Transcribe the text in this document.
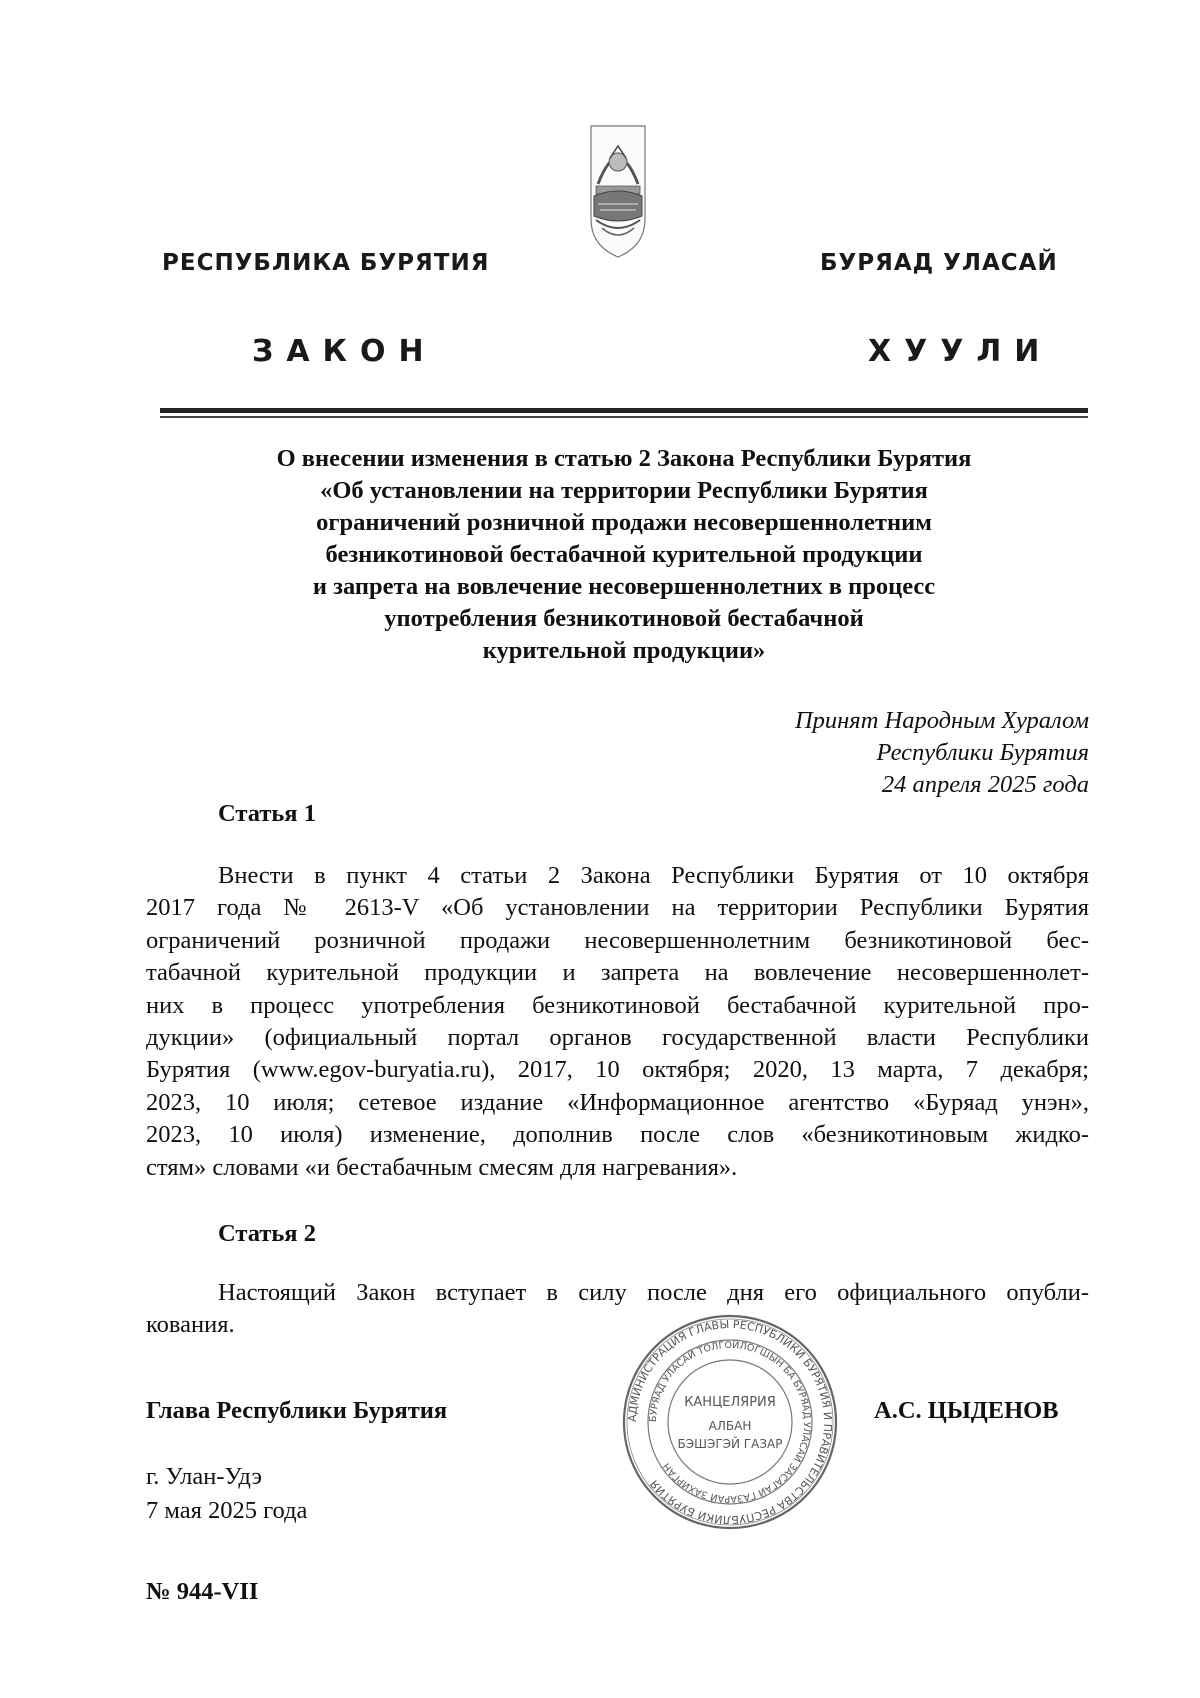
РЕСПУБЛИКА БУРЯТИЯ	БУРЯАД УЛАСАЙ
ЗАКОН	ХУУЛИ
О внесении изменения в статью 2 Закона Республики Бурятия
«Об установлении на территории Республики Бурятия
ограничений розничной продажи несовершеннолетним
безникотиновой бестабачной курительной продукции
и запрета на вовлечение несовершеннолетних в процесс
употребления безникотиновой бестабачной
курительной продукции»
Принят Народным Хуралом
Республики Бурятия
24 апреля 2025 года
Статья 1
Внести в пункт 4 статьи 2 Закона Республики Бурятия от 10 октября
2017 года № 2613-V «Об установлении на территории Республики Бурятия
ограничений розничной продажи несовершеннолетним безникотиновой бес-
табачной курительной продукции и запрета на вовлечение несовершеннолет-
них в процесс употребления безникотиновой бестабачной курительной про-
дукции» (официальный портал органов государственной власти Республики
Бурятия (www.egov-buryatia.ru), 2017, 10 октября; 2020, 13 марта, 7 декабря;
2023, 10 июля; сетевое издание «Информационное агентство «Буряад унэн»,
2023, 10 июля) изменение, дополнив после слов «безникотиновым жидко-
стям» словами «и бестабачным смесям для нагревания».
Статья 2
Настоящий Закон вступает в силу после дня его официального опубли-
кования.
Глава Республики Бурятия	А.С. ЦЫДЕНОВ
г. Улан-Удэ
7 мая 2025 года
№ 944-VII
АДМИНИСТРАЦИЯ ГЛАВЫ РЕСПУБЛИКИ БУРЯТИЯ И ПРАВИТЕЛЬСТВА РЕСПУБЛИКИ БУРЯТИЯ
БУРЯАД УЛАСАЙ ТОЛГОЙЛОГШЫН БА БУРЯАД УЛАСАЙ ЗАСАГАЙ ГАЗАРАЙ ЗАХИРГАН
КАНЦЕЛЯРИЯ
АЛБАН
БЭШЭГЭЙ ГАЗАР
